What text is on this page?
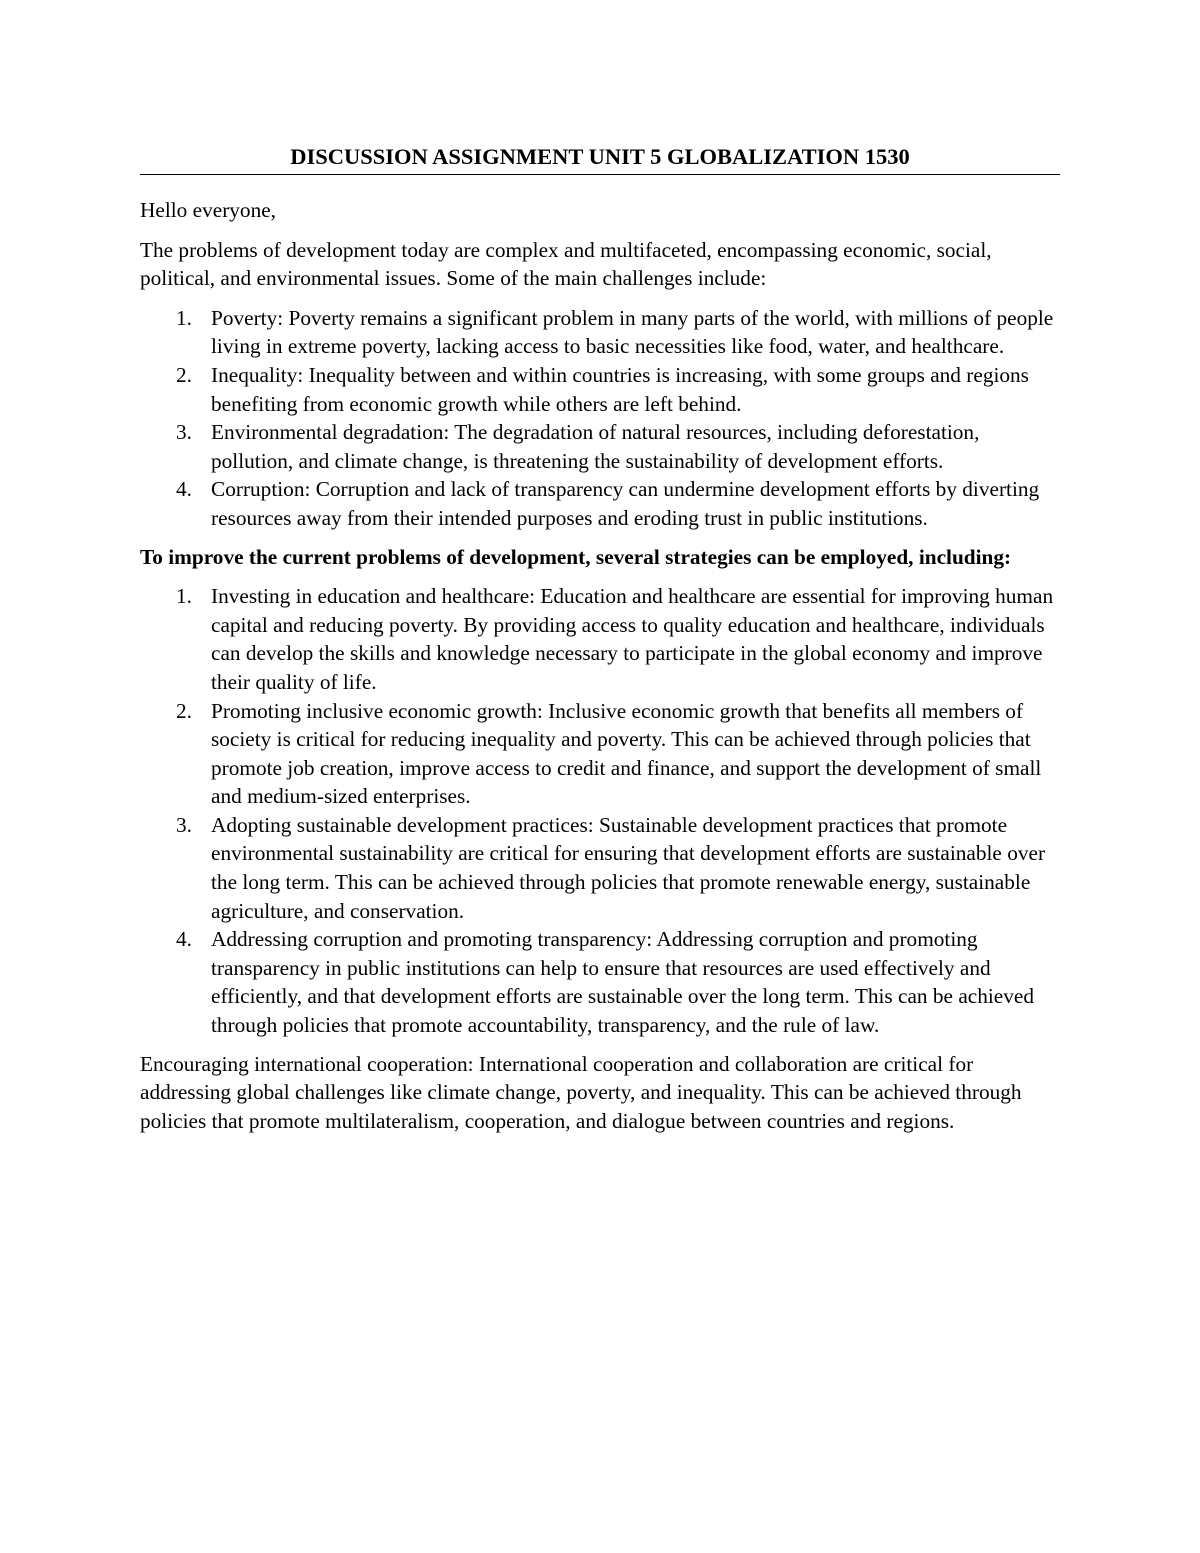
DISCUSSION ASSIGNMENT UNIT 5 GLOBALIZATION 1530

Hello everyone,

The problems of development today are complex and multifaceted, encompassing economic, social, political, and environmental issues. Some of the main challenges include:

1. Poverty: Poverty remains a significant problem in many parts of the world, with millions of people living in extreme poverty, lacking access to basic necessities like food, water, and healthcare.
2. Inequality: Inequality between and within countries is increasing, with some groups and regions benefiting from economic growth while others are left behind.
3. Environmental degradation: The degradation of natural resources, including deforestation, pollution, and climate change, is threatening the sustainability of development efforts.
4. Corruption: Corruption and lack of transparency can undermine development efforts by diverting resources away from their intended purposes and eroding trust in public institutions.

To improve the current problems of development, several strategies can be employed, including:

1. Investing in education and healthcare: Education and healthcare are essential for improving human capital and reducing poverty. By providing access to quality education and healthcare, individuals can develop the skills and knowledge necessary to participate in the global economy and improve their quality of life.
2. Promoting inclusive economic growth: Inclusive economic growth that benefits all members of society is critical for reducing inequality and poverty. This can be achieved through policies that promote job creation, improve access to credit and finance, and support the development of small and medium-sized enterprises.
3. Adopting sustainable development practices: Sustainable development practices that promote environmental sustainability are critical for ensuring that development efforts are sustainable over the long term. This can be achieved through policies that promote renewable energy, sustainable agriculture, and conservation.
4. Addressing corruption and promoting transparency: Addressing corruption and promoting transparency in public institutions can help to ensure that resources are used effectively and efficiently, and that development efforts are sustainable over the long term. This can be achieved through policies that promote accountability, transparency, and the rule of law.

Encouraging international cooperation: International cooperation and collaboration are critical for addressing global challenges like climate change, poverty, and inequality. This can be achieved through policies that promote multilateralism, cooperation, and dialogue between countries and regions.
